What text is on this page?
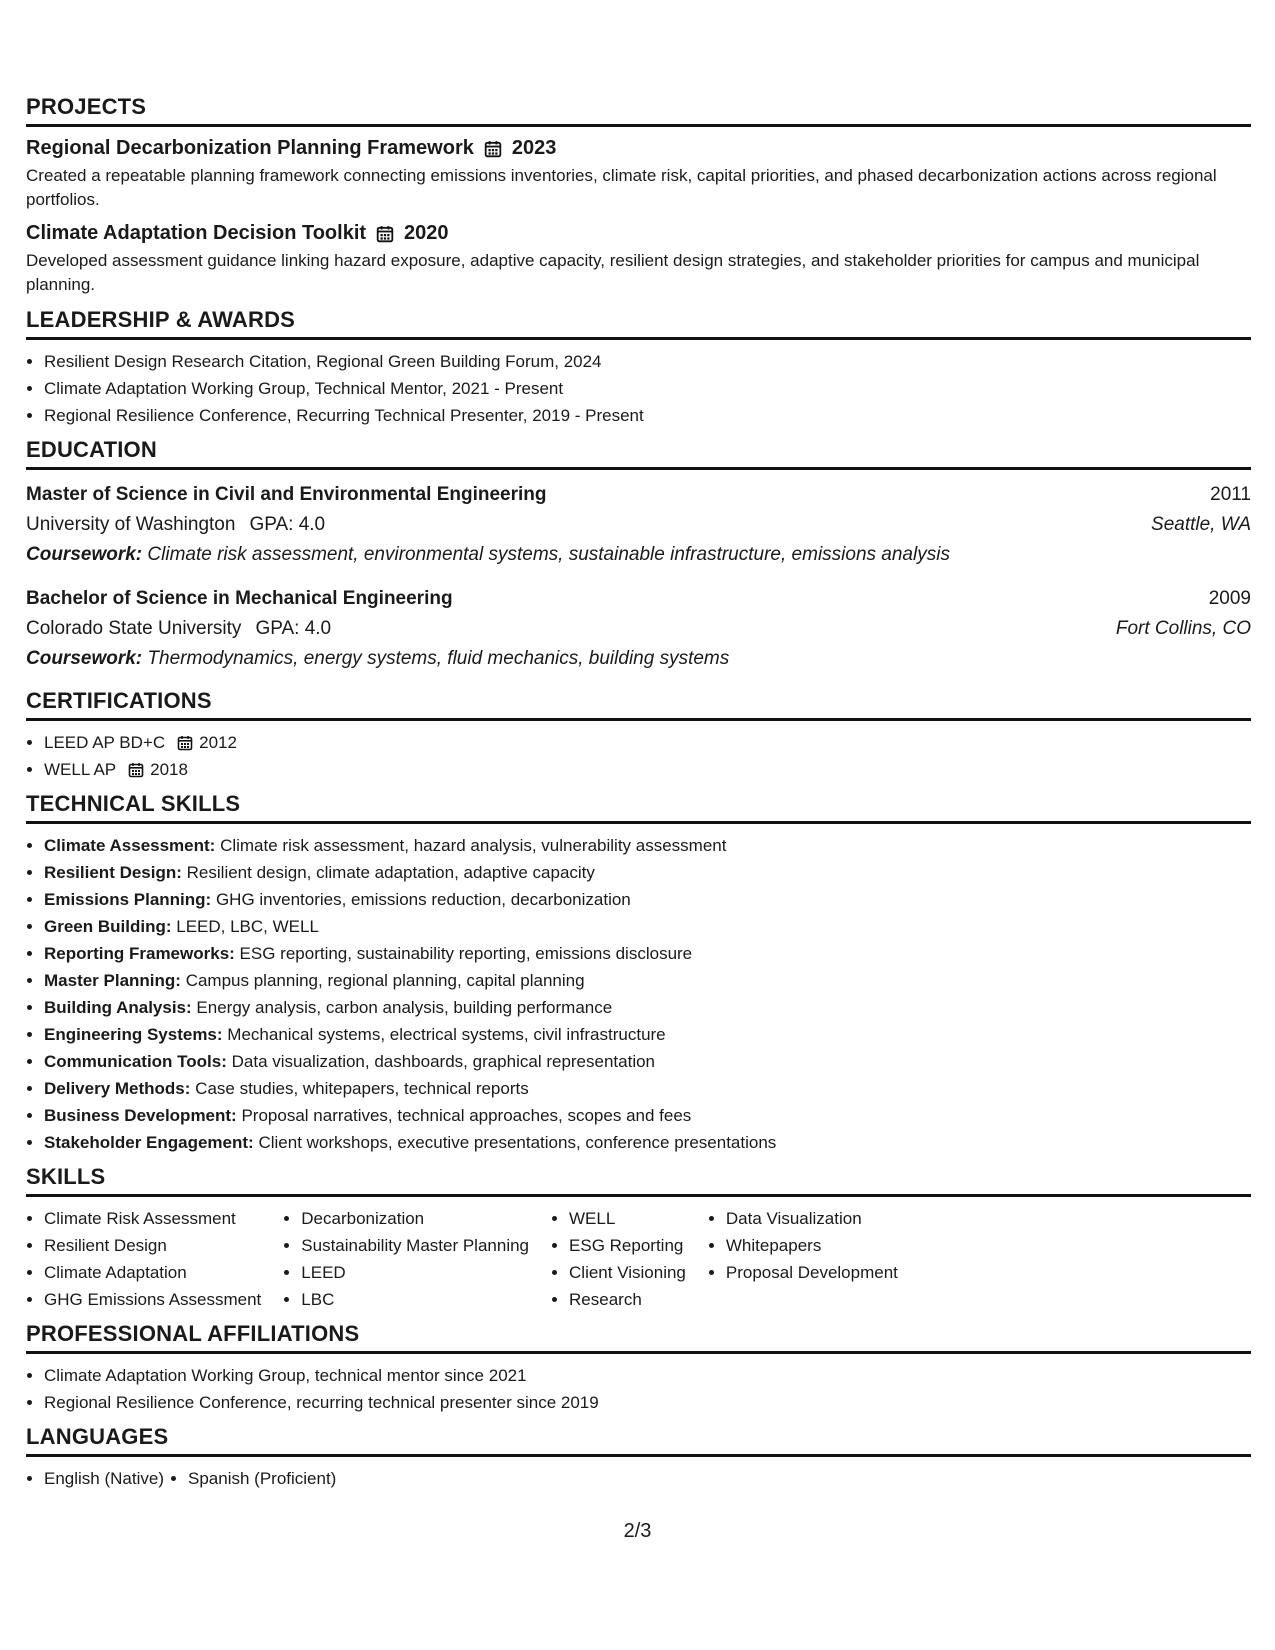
PROJECTS
Regional Decarbonization Planning Framework 2023
Created a repeatable planning framework connecting emissions inventories, climate risk, capital priorities, and phased decarbonization actions across regional portfolios.
Climate Adaptation Decision Toolkit 2020
Developed assessment guidance linking hazard exposure, adaptive capacity, resilient design strategies, and stakeholder priorities for campus and municipal planning.
LEADERSHIP & AWARDS
• Resilient Design Research Citation, Regional Green Building Forum, 2024
• Climate Adaptation Working Group, Technical Mentor, 2021 - Present
• Regional Resilience Conference, Recurring Technical Presenter, 2019 - Present
EDUCATION
Master of Science in Civil and Environmental Engineering	2011
University of Washington GPA: 4.0	Seattle, WA
Coursework: Climate risk assessment, environmental systems, sustainable infrastructure, emissions analysis
Bachelor of Science in Mechanical Engineering	2009
Colorado State University GPA: 4.0	Fort Collins, CO
Coursework: Thermodynamics, energy systems, fluid mechanics, building systems
CERTIFICATIONS
• LEED AP BD+C 2012
• WELL AP 2018
TECHNICAL SKILLS
• Climate Assessment: Climate risk assessment, hazard analysis, vulnerability assessment
• Resilient Design: Resilient design, climate adaptation, adaptive capacity
• Emissions Planning: GHG inventories, emissions reduction, decarbonization
• Green Building: LEED, LBC, WELL
• Reporting Frameworks: ESG reporting, sustainability reporting, emissions disclosure
• Master Planning: Campus planning, regional planning, capital planning
• Building Analysis: Energy analysis, carbon analysis, building performance
• Engineering Systems: Mechanical systems, electrical systems, civil infrastructure
• Communication Tools: Data visualization, dashboards, graphical representation
• Delivery Methods: Case studies, whitepapers, technical reports
• Business Development: Proposal narratives, technical approaches, scopes and fees
• Stakeholder Engagement: Client workshops, executive presentations, conference presentations
SKILLS
• Climate Risk Assessment
• Resilient Design
• Climate Adaptation
• GHG Emissions Assessment
• Decarbonization
• Sustainability Master Planning
• LEED
• LBC
• WELL
• ESG Reporting
• Client Visioning
• Research
• Data Visualization
• Whitepapers
• Proposal Development
PROFESSIONAL AFFILIATIONS
• Climate Adaptation Working Group, technical mentor since 2021
• Regional Resilience Conference, recurring technical presenter since 2019
LANGUAGES
• English (Native)
• Spanish (Proficient)
2/3
